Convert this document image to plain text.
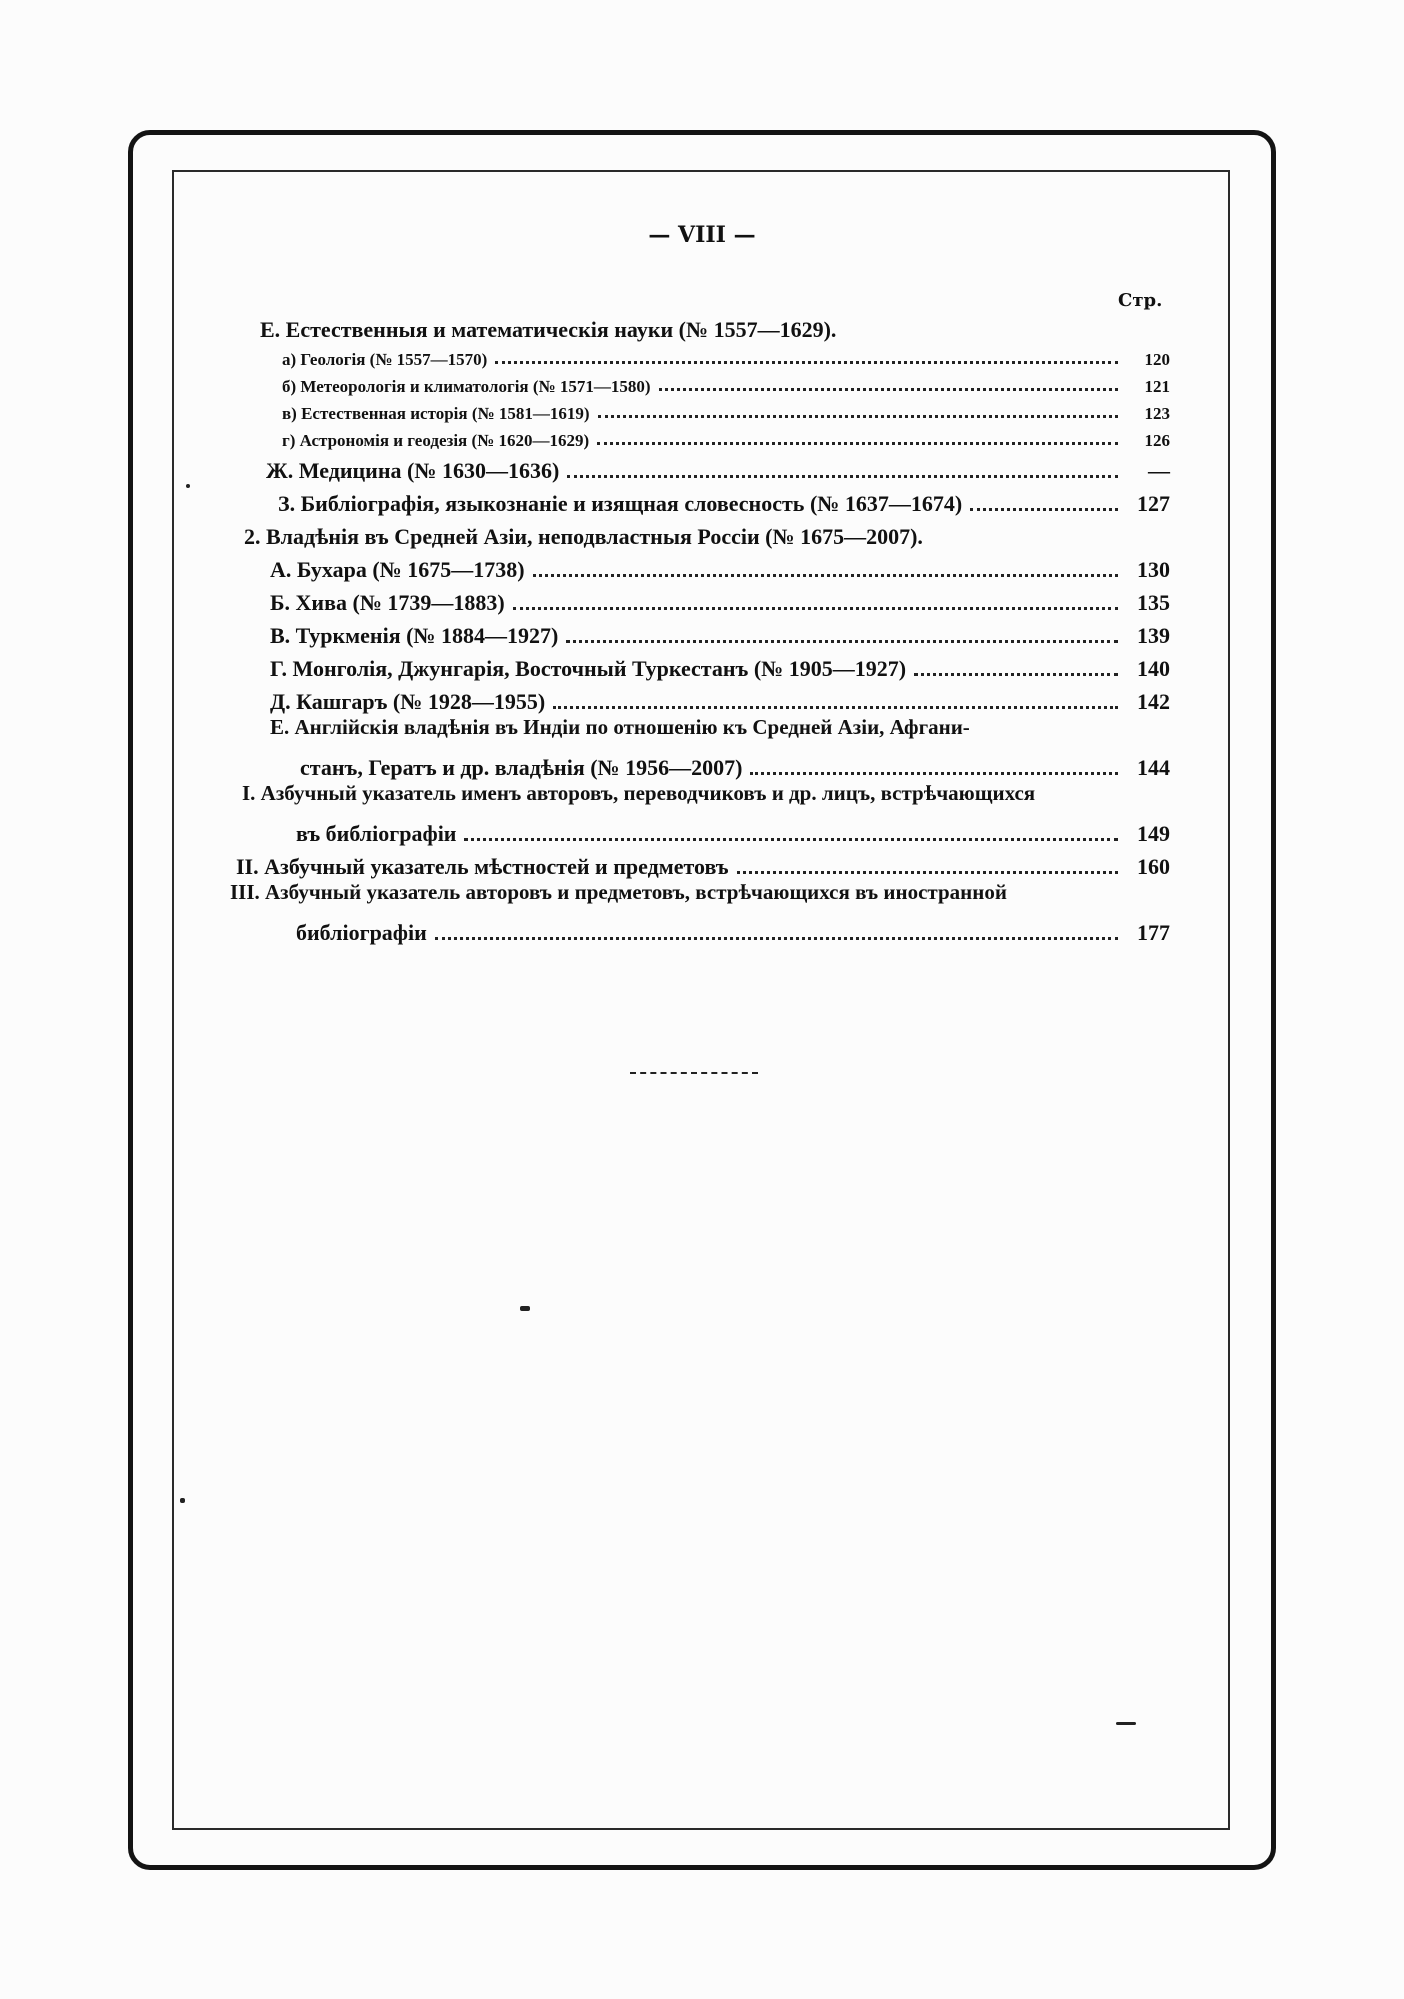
— VIII —
Стр.
Е. Естественныя и математическія науки (№ 1557—1629).
а) Геологія (№ 1557—1570)	120
б) Метеорологія и климатологія (№ 1571—1580)	121
в) Естественная исторія (№ 1581—1619)	123
г) Астрономія и геодезія (№ 1620—1629)	126
Ж. Медицина (№ 1630—1636)	—
З. Библіографія, языкознаніе и изящная словесность (№ 1637—1674)	127
2. Владѣнія въ Средней Азіи, неподвластныя Россіи (№ 1675—2007).
А. Бухара (№ 1675—1738)	130
Б. Хива (№ 1739—1883)	135
В. Туркменія (№ 1884—1927)	139
Г. Монголія, Джунгарія, Восточный Туркестанъ (№ 1905—1927)	140
Д. Кашгаръ (№ 1928—1955)	142
Е. Англійскія владѣнія въ Индіи по отношенію къ Средней Азіи, Афгани-
станъ, Гератъ и др. владѣнія (№ 1956—2007)	144
I. Азбучный указатель именъ авторовъ, переводчиковъ и др. лицъ, встрѣчающихся
въ библіографіи	149
II. Азбучный указатель мѣстностей и предметовъ	160
III. Азбучный указатель авторовъ и предметовъ, встрѣчающихся въ иностранной
библіографіи	177
